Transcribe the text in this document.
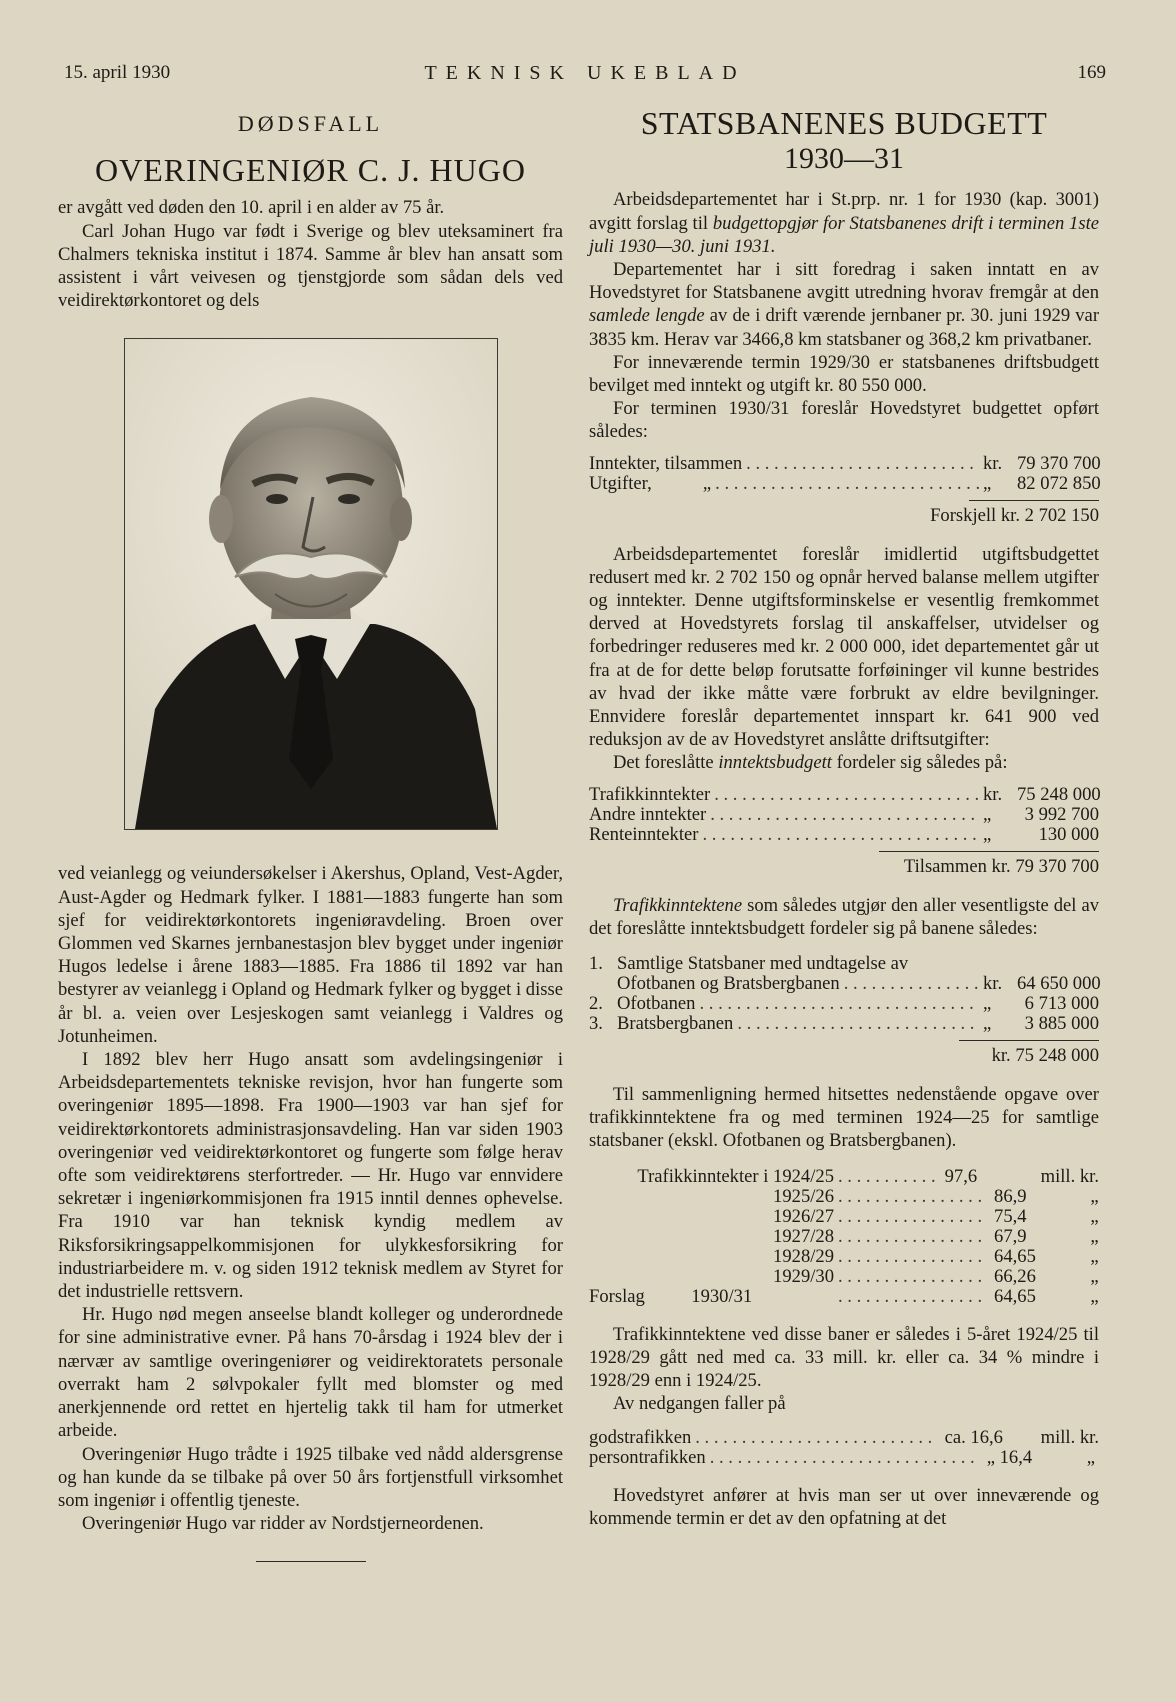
15. april 1930	TEKNISK UKEBLAD	169
DØDSFALL
OVERINGENIØR C. J. HUGO

er avgått ved døden den 10. april i en alder av 75 år.

Carl Johan Hugo var født i Sverige og blev uteksaminert fra Chalmers tekniska institut i 1874. Samme år blev han ansatt som assistent i vårt veivesen og tjenstgjorde som sådan dels ved veidirektørkontoret og dels

ved veianlegg og veiundersøkelser i Akershus, Opland, Vest-Agder, Aust-Agder og Hedmark fylker. I 1881—1883 fungerte han som sjef for veidirektørkontorets ingeniøravdeling. Broen over Glommen ved Skarnes jernbanestasjon blev bygget under ingeniør Hugos ledelse i årene 1883—1885. Fra 1886 til 1892 var han bestyrer av veianlegg i Opland og Hedmark fylker og bygget i disse år bl. a. veien over Lesjeskogen samt veianlegg i Valdres og Jotunheimen.

I 1892 blev herr Hugo ansatt som avdelingsingeniør i Arbeidsdepartementets tekniske revisjon, hvor han fungerte som overingeniør 1895—1898. Fra 1900—1903 var han sjef for veidirektørkontorets administrasjonsavdeling. Han var siden 1903 overingeniør ved veidirektørkontoret og fungerte som følge herav ofte som veidirektørens sterfortreder. — Hr. Hugo var ennvidere sekretær i ingeniørkommisjonen fra 1915 inntil dennes ophevelse. Fra 1910 var han teknisk kyndig medlem av Riksforsikringsappelkommisjonen for ulykkesforsikring for industriarbeidere m. v. og siden 1912 teknisk medlem av Styret for det industrielle rettsvern.

Hr. Hugo nød megen anseelse blandt kolleger og underordnede for sine administrative evner. På hans 70-årsdag i 1924 blev der i nærvær av samtlige overingeniører og veidirektoratets personale overrakt ham 2 sølvpokaler fyllt med blomster og med anerkjennende ord rettet en hjertelig takk til ham for utmerket arbeide.

Overingeniør Hugo trådte i 1925 tilbake ved nådd aldersgrense og han kunde da se tilbake på over 50 års fortjenstfull virksomhet som ingeniør i offentlig tjeneste.

Overingeniør Hugo var ridder av Nordstjerneordenen.

STATSBANENES BUDGETT
1930—31

Arbeidsdepartementet har i St.prp. nr. 1 for 1930 (kap. 3001) avgitt forslag til budgettopgjør for Statsbanenes drift i terminen 1ste juli 1930—30. juni 1931.

Departementet har i sitt foredrag i saken inntatt en av Hovedstyret for Statsbanene avgitt utredning hvorav fremgår at den samlede lengde av de i drift værende jernbaner pr. 30. juni 1929 var 3835 km. Herav var 3466,8 km statsbaner og 368,2 km privatbaner.

For inneværende termin 1929/30 er statsbanenes driftsbudgett bevilget med inntekt og utgift kr. 80 550 000.

For terminen 1930/31 foreslår Hovedstyret budgettet opført således:

Inntekter, tilsammen . . .	kr. 79 370 700
Utgifter,           „ . . .	„	82 072 850
Forskjell kr. 2 702 150

Arbeidsdepartementet foreslår imidlertid utgiftsbudgettet redusert med kr. 2 702 150 og opnår herved balanse mellem utgifter og inntekter. Denne utgiftsforminskelse er vesentlig fremkommet derved at Hovedstyrets forslag til anskaffelser, utvidelser og forbedringer reduseres med kr. 2 000 000, idet departementet går ut fra at de for dette beløp forutsatte forføininger vil kunne bestrides av hvad der ikke måtte være forbrukt av eldre bevilgninger. Ennvidere foreslår departementet innspart kr. 641 900 ved reduksjon av de av Hovedstyret anslåtte driftsutgifter:

Det foreslåtte inntektsbudgett fordeler sig således på:

Trafikkinntekter . . .	kr. 75 248 000
Andre inntekter . . .	„	3 992 700
Renteinntekter . . .	„	130 000
Tilsammen kr. 79 370 700

Trafikkinntektene som således utgjør den aller vesentligste del av det foreslåtte inntektsbudgett fordeler sig på banene således:

1. Samtlige Statsbaner med undtagelse av
Ofotbanen og Bratsbergbanen . . .	kr. 64 650 000
2. Ofotbanen . . .	„	6 713 000
3. Bratsbergbanen . . .	„	3 885 000
kr. 75 248 000

Til sammenligning hermed hitsettes nedenstående opgave over trafikkinntektene fra og med terminen 1924—25 for samtlige statsbaner (ekskl. Ofotbanen og Bratsbergbanen).

Trafikkinntekter i 1924/25 . . .	97,6	mill. kr.
1925/26 . . .	86,9	„
1926/27 . . .	75,4	„
1927/28 . . .	67,9	„
1928/29 . . .	64,65	„
1929/30 . . .	66,26	„
Forslag          1930/31 . . .	64,65	„

Trafikkinntektene ved disse baner er således i 5-året 1924/25 til 1928/29 gått ned med ca. 33 mill. kr. eller ca. 34 % mindre i 1928/29 enn i 1924/25.

Av nedgangen faller på

godstrafikken . . .	ca. 16,6	mill. kr.
persontrafikken . . .	„ 16,4	„

Hovedstyret anfører at hvis man ser ut over inneværende og kommende termin er det av den opfatning at det
